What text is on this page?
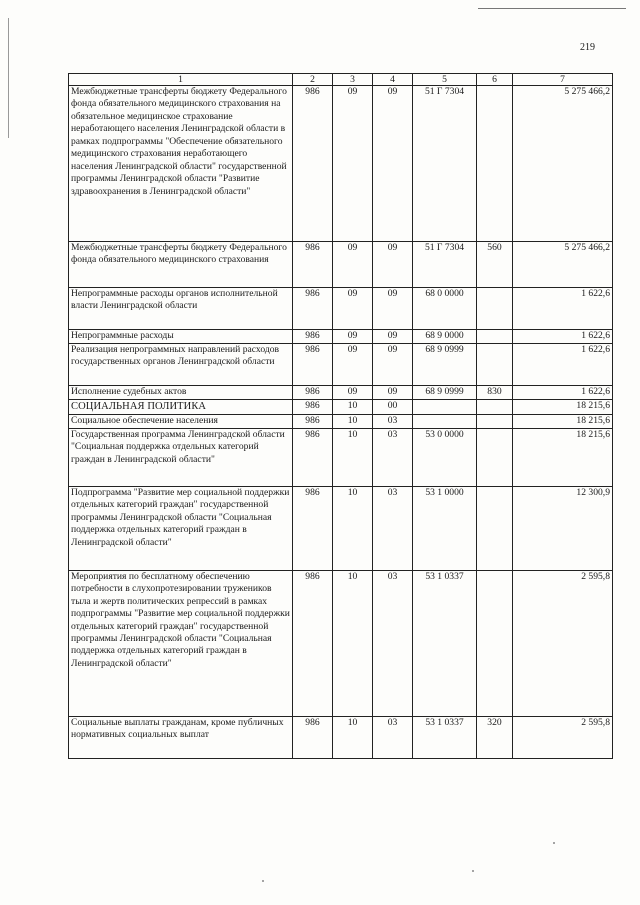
219
1	2	3	4	5	6	7
Межбюджетные трансферты бюджету Федерального фонда обязательного медицинского страхования на обязательное медицинское страхование неработающего населения Ленинградской области в рамках подпрограммы "Обеспечение обязательного медицинского страхования неработающего населения Ленинградской области" государственной программы Ленинградской области "Развитие здравоохранения в Ленинградской области"	986	09	09	51 Г 7304		5 275 466,2
Межбюджетные трансферты бюджету Федерального фонда обязательного медицинского страхования	986	09	09	51 Г 7304	560	5 275 466,2
Непрограммные расходы органов исполнительной власти Ленинградской области	986	09	09	68 0 0000		1 622,6
Непрограммные расходы	986	09	09	68 9 0000		1 622,6
Реализация непрограммных направлений расходов государственных органов Ленинградской области	986	09	09	68 9 0999		1 622,6
Исполнение судебных актов	986	09	09	68 9 0999	830	1 622,6
СОЦИАЛЬНАЯ ПОЛИТИКА	986	10	00			18 215,6
Социальное обеспечение населения	986	10	03			18 215,6
Государственная программа Ленинградской области "Социальная поддержка отдельных категорий граждан в Ленинградской области"	986	10	03	53 0 0000		18 215,6
Подпрограмма "Развитие мер социальной поддержки отдельных категорий граждан" государственной программы Ленинградской области "Социальная поддержка отдельных категорий граждан в Ленинградской области"	986	10	03	53 1 0000		12 300,9
Мероприятия по бесплатному обеспечению потребности в слухопротезировании тружеников тыла и жертв политических репрессий в рамках подпрограммы "Развитие мер социальной поддержки отдельных категорий граждан" государственной программы Ленинградской области "Социальная поддержка отдельных категорий граждан в Ленинградской области"	986	10	03	53 1 0337		2 595,8
Социальные выплаты гражданам, кроме публичных нормативных социальных выплат	986	10	03	53 1 0337	320	2 595,8
